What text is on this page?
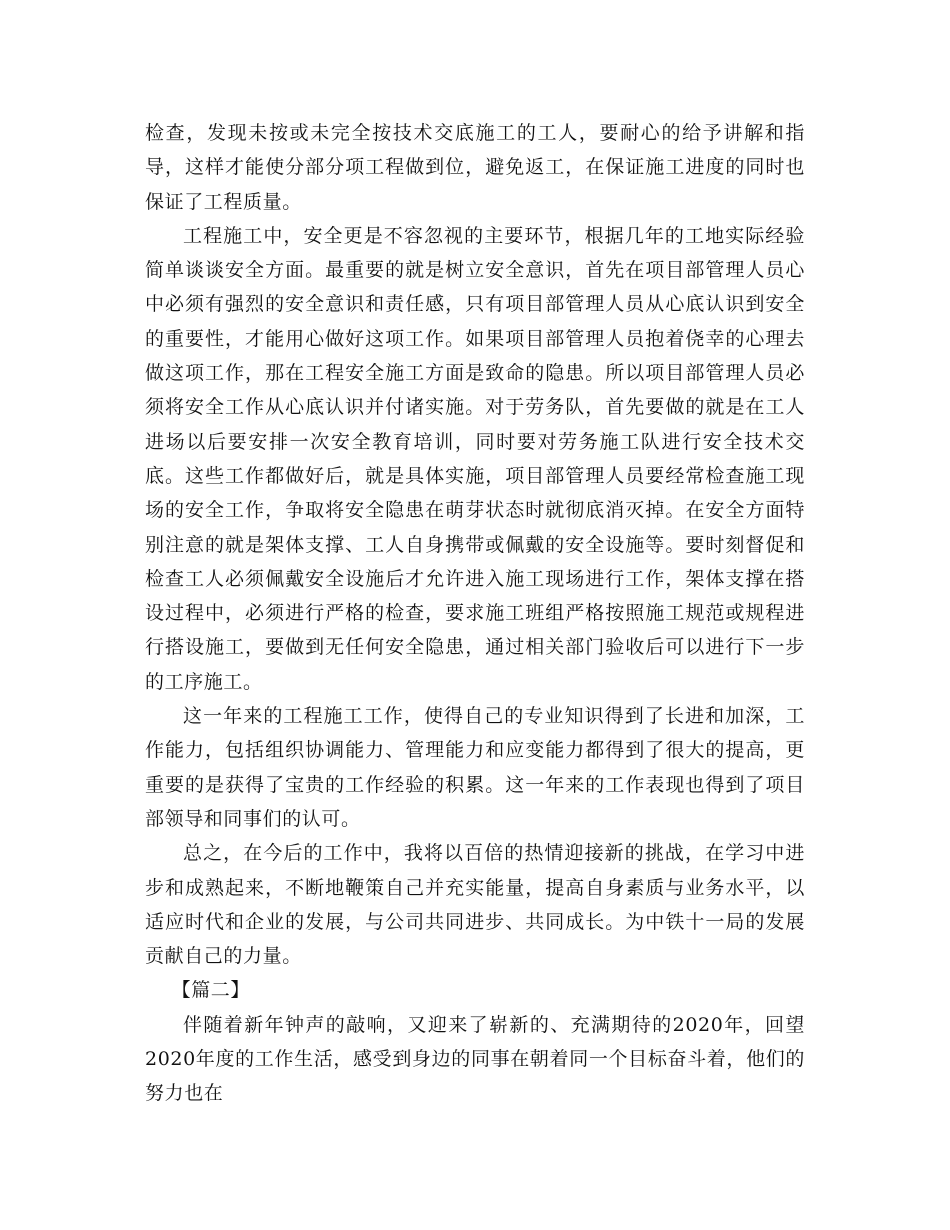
检查，发现未按或未完全按技术交底施工的工人，要耐心的给予讲解和指导，这样才能使分部分项工程做到位，避免返工，在保证施工进度的同时也保证了工程质量。

工程施工中，安全更是不容忽视的主要环节，根据几年的工地实际经验简单谈谈安全方面。最重要的就是树立安全意识，首先在项目部管理人员心中必须有强烈的安全意识和责任感，只有项目部管理人员从心底认识到安全的重要性，才能用心做好这项工作。如果项目部管理人员抱着侥幸的心理去做这项工作，那在工程安全施工方面是致命的隐患。所以项目部管理人员必须将安全工作从心底认识并付诸实施。对于劳务队，首先要做的就是在工人进场以后要安排一次安全教育培训，同时要对劳务施工队进行安全技术交底。这些工作都做好后，就是具体实施，项目部管理人员要经常检查施工现场的安全工作，争取将安全隐患在萌芽状态时就彻底消灭掉。在安全方面特别注意的就是架体支撑、工人自身携带或佩戴的安全设施等。要时刻督促和检查工人必须佩戴安全设施后才允许进入施工现场进行工作，架体支撑在搭设过程中，必须进行严格的检查，要求施工班组严格按照施工规范或规程进行搭设施工，要做到无任何安全隐患，通过相关部门验收后可以进行下一步的工序施工。

这一年来的工程施工工作，使得自己的专业知识得到了长进和加深，工作能力，包括组织协调能力、管理能力和应变能力都得到了很大的提高，更重要的是获得了宝贵的工作经验的积累。这一年来的工作表现也得到了项目部领导和同事们的认可。

总之，在今后的工作中，我将以百倍的热情迎接新的挑战，在学习中进步和成熟起来，不断地鞭策自己并充实能量，提高自身素质与业务水平，以适应时代和企业的发展，与公司共同进步、共同成长。为中铁十一局的发展贡献自己的力量。

【篇二】

伴随着新年钟声的敲响，又迎来了崭新的、充满期待的2020年，回望2020年度的工作生活，感受到身边的同事在朝着同一个目标奋斗着，他们的努力也在
